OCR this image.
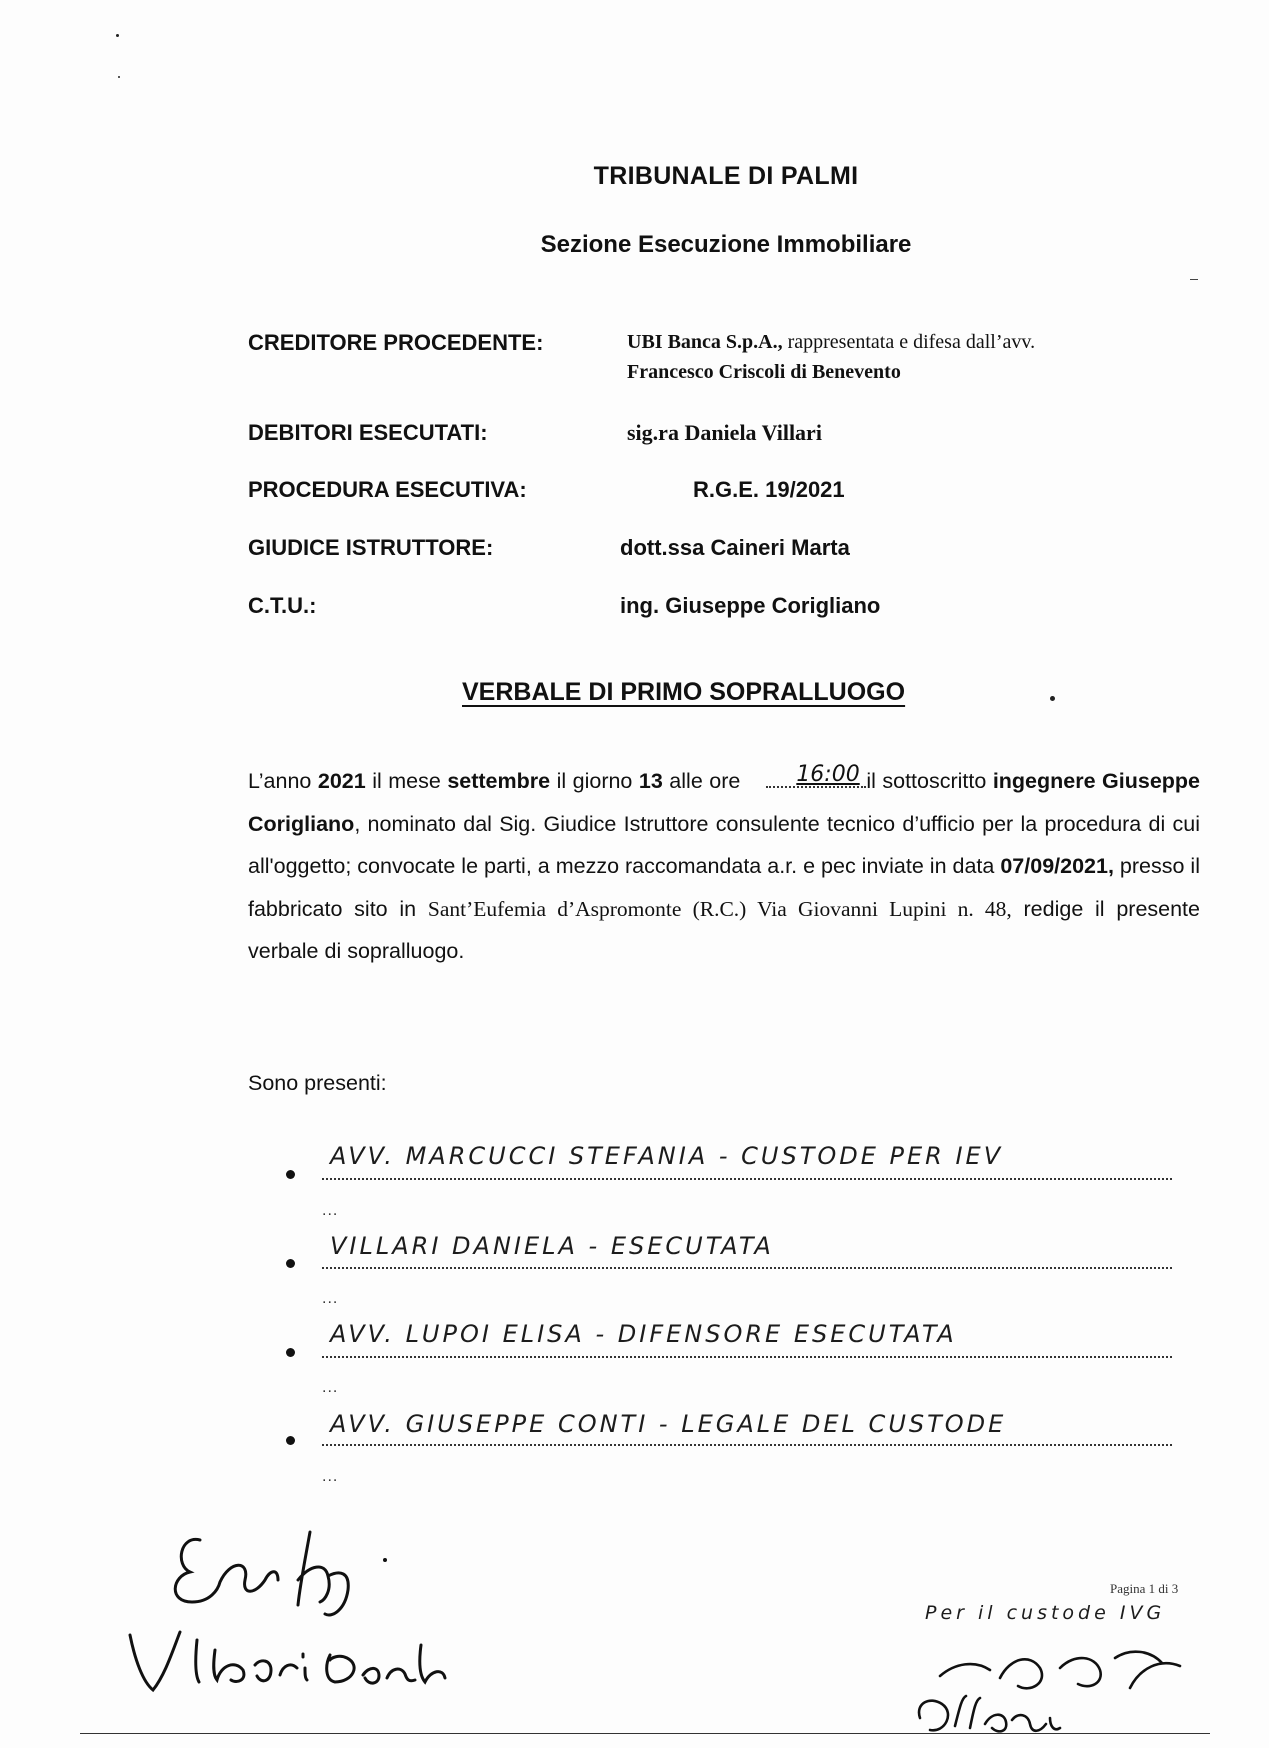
TRIBUNALE DI PALMI
Sezione Esecuzione Immobiliare
CREDITORE PROCEDENTE:	UBI Banca S.p.A., rappresentata e difesa dall’avv.
Francesco Criscoli di Benevento
DEBITORI ESECUTATI:	sig.ra Daniela Villari
PROCEDURA ESECUTIVA:	R.G.E. 19/2021
GIUDICE ISTRUTTORE:	dott.ssa Caineri Marta
C.T.U.:	ing. Giuseppe Corigliano
VERBALE DI PRIMO SOPRALLUOGO
L’anno 2021 il mese settembre il giorno 13 alle ore 16:00 il sottoscritto ingegnere Giuseppe Corigliano, nominato dal Sig. Giudice Istruttore consulente tecnico d’ufficio per la procedura di cui all'oggetto; convocate le parti, a mezzo raccomandata a.r. e pec inviate in data 07/09/2021, presso il fabbricato sito in Sant’Eufemia d’Aspromonte (R.C.) Via Giovanni Lupini n. 48, redige il presente verbale di sopralluogo.
Sono presenti:
AVV. MARCUCCI STEFANIA - CUSTODE PER IEV
...
VILLARI DANIELA - ESECUTATA
...
AVV. LUPOI ELISA - DIFENSORE ESECUTATA
...
AVV. GIUSEPPE CONTI - LEGALE DEL CUSTODE
...
Per il custode IVG
Pagina 1 di 3
